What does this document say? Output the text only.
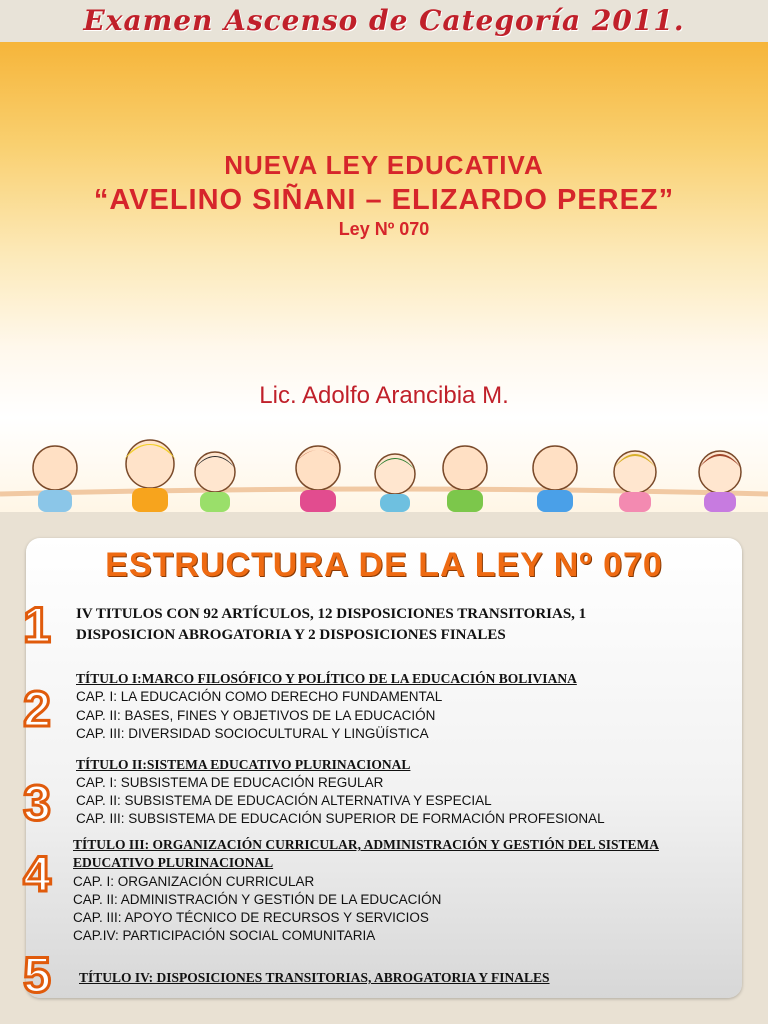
Examen Ascenso de Categoría 2011.
NUEVA LEY EDUCATIVA
“AVELINO SIÑANI – ELIZARDO PEREZ”
Ley Nº 070
Lic. Adolfo Arancibia M.
ESTRUCTURA DE LA LEY Nº 070
1	IV TITULOS CON 92 ARTÍCULOS, 12 DISPOSICIONES TRANSITORIAS, 1
DISPOSICION ABROGATORIA Y 2 DISPOSICIONES FINALES
2
TÍTULO I:MARCO FILOSÓFICO Y POLÍTICO DE LA EDUCACIÓN BOLIVIANA
CAP. I: LA EDUCACIÓN COMO DERECHO FUNDAMENTAL
CAP. II: BASES, FINES Y OBJETIVOS DE LA EDUCACIÓN
CAP. III: DIVERSIDAD SOCIOCULTURAL Y LINGÜÍSTICA
3
TÍTULO II:SISTEMA EDUCATIVO PLURINACIONAL
CAP. I: SUBSISTEMA DE EDUCACIÓN REGULAR
CAP. II: SUBSISTEMA DE EDUCACIÓN ALTERNATIVA Y ESPECIAL
CAP. III: SUBSISTEMA DE EDUCACIÓN SUPERIOR DE FORMACIÓN PROFESIONAL
4
TÍTULO III: ORGANIZACIÓN CURRICULAR, ADMINISTRACIÓN Y GESTIÓN DEL SISTEMA
EDUCATIVO PLURINACIONAL
CAP. I: ORGANIZACIÓN CURRICULAR
CAP. II: ADMINISTRACIÓN Y GESTIÓN DE LA EDUCACIÓN
CAP. III: APOYO TÉCNICO DE RECURSOS Y SERVICIOS
CAP.IV: PARTICIPACIÓN SOCIAL COMUNITARIA
5	TÍTULO IV: DISPOSICIONES TRANSITORIAS, ABROGATORIA Y FINALES
